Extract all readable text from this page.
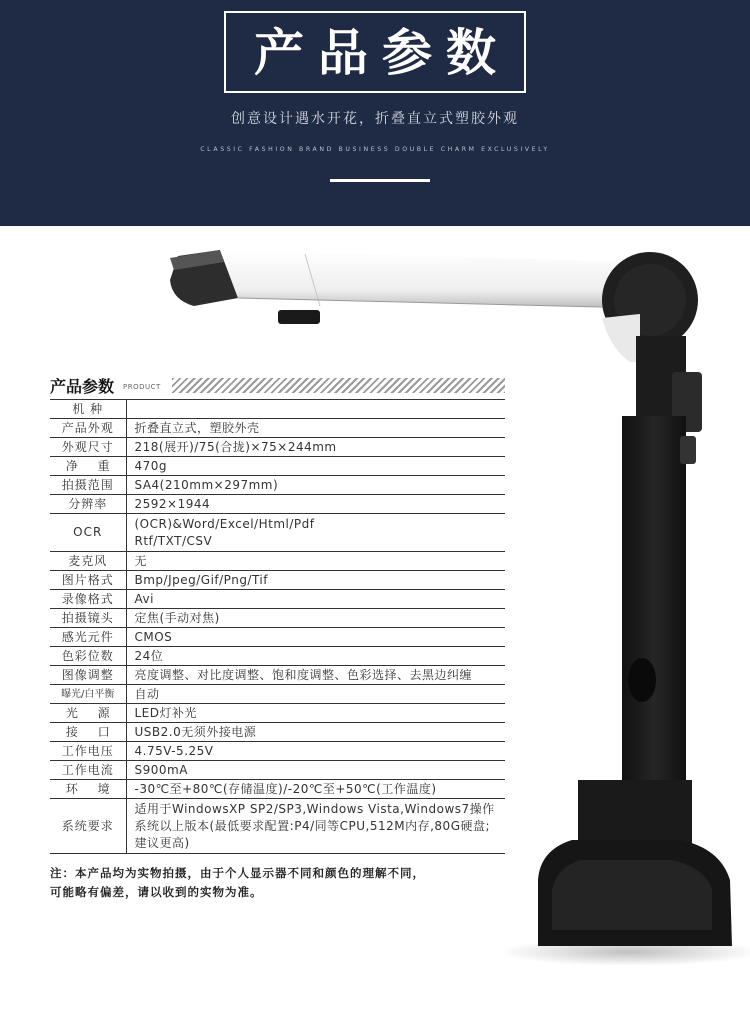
产品参数
创意设计遇水开花，折叠直立式塑胶外观
CLASSIC FASHION BRAND BUSINESS DOUBLE CHARM EXCLUSIVELY
产品参数 PRODUCT
机 种	
产品外观	折叠直立式，塑胶外壳
外观尺寸	218(展开)/75(合拢)×75×244mm
净 重	470g
拍摄范围	SA4(210mm×297mm)
分辨率	2592×1944
OCR	(OCR)&Word/Excel/Html/Pdf
Rtf/TXT/CSV

麦克风	无
图片格式	Bmp/Jpeg/Gif/Png/Tif
录像格式	Avi
拍摄镜头	定焦(手动对焦)
感光元件	CMOS
色彩位数	24位
图像调整	亮度调整、对比度调整、饱和度调整、色彩选择、去黑边纠缠
曝光/白平衡	自动
光 源	LED灯补光
接 口	USB2.0无须外接电源
工作电压	4.75V-5.25V
工作电流	S900mA
环 境	-30℃至+80℃(存储温度)/-20℃至+50℃(工作温度)
系统要求	适用于WindowsXP SP2/SP3,Windows Vista,Windows7操作
系统以上版本(最低要求配置:P4/同等CPU,512M内存,80G硬盘;
建议更高)
注：本产品均为实物拍摄，由于个人显示器不同和颜色的理解不同，
可能略有偏差，请以收到的实物为准。
